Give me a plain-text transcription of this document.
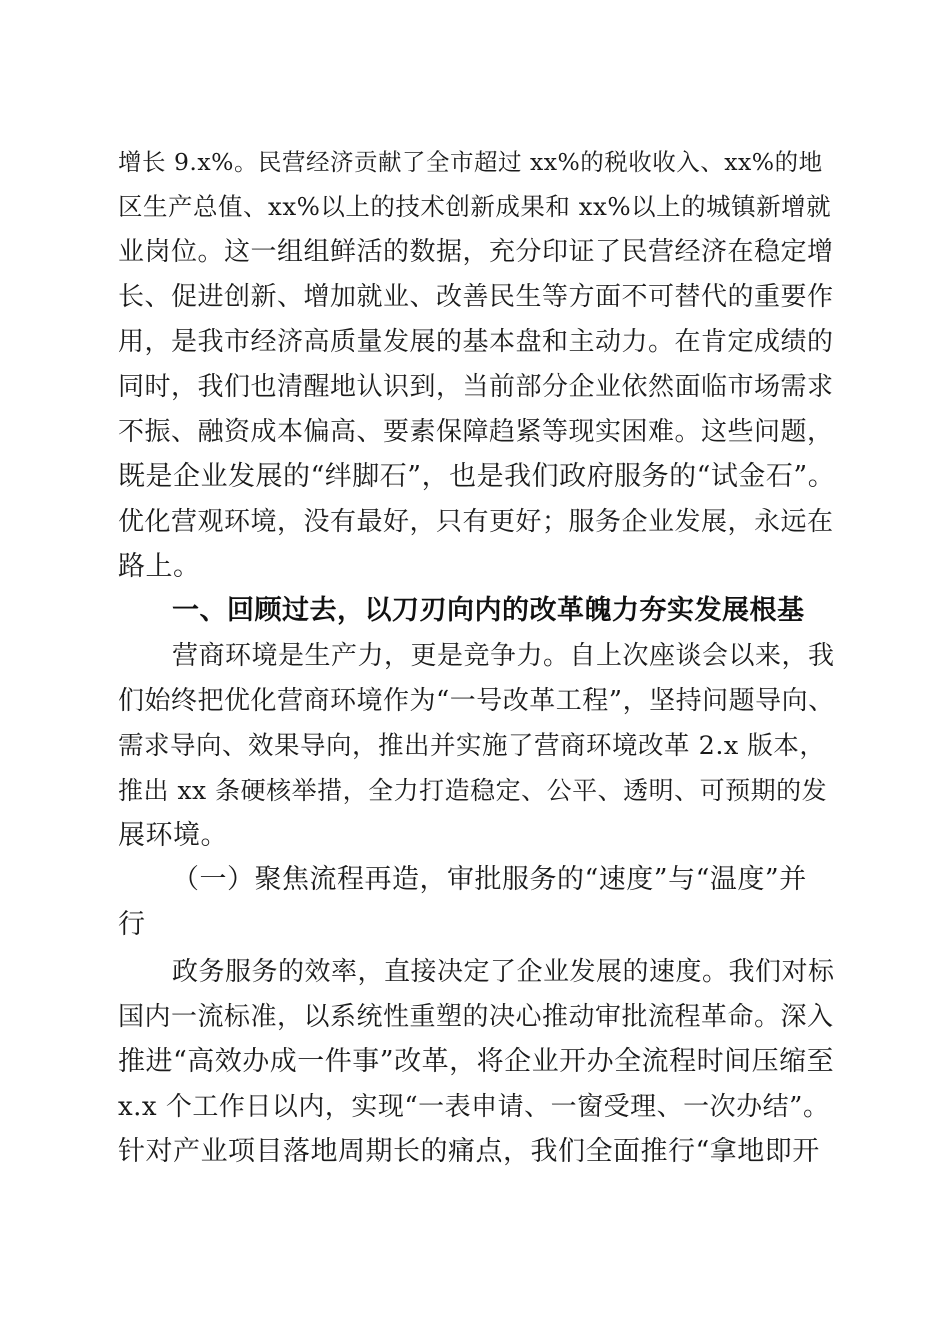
增长 9.x%。民营经济贡献了全市超过 xx%的税收收入、xx%的地
区生产总值、xx%以上的技术创新成果和 xx%以上的城镇新增就
业岗位。这一组组鲜活的数据，充分印证了民营经济在稳定增
长、促进创新、增加就业、改善民生等方面不可替代的重要作
用，是我市经济高质量发展的基本盘和主动力。在肯定成绩的
同时，我们也清醒地认识到，当前部分企业依然面临市场需求
不振、融资成本偏高、要素保障趋紧等现实困难。这些问题，
既是企业发展的“绊脚石”，也是我们政府服务的“试金石”。
优化营观环境，没有最好，只有更好；服务企业发展，永远在
路上。
一、回顾过去，以刀刃向内的改革魄力夯实发展根基
营商环境是生产力，更是竞争力。自上次座谈会以来，我
们始终把优化营商环境作为“一号改革工程”，坚持问题导向、
需求导向、效果导向，推出并实施了营商环境改革 2.x 版本，
推出 xx 条硬核举措，全力打造稳定、公平、透明、可预期的发
展环境。
（一）聚焦流程再造，审批服务的“速度”与“温度”并
行
政务服务的效率，直接决定了企业发展的速度。我们对标
国内一流标准，以系统性重塑的决心推动审批流程革命。深入
推进“高效办成一件事”改革，将企业开办全流程时间压缩至
x.x 个工作日以内，实现“一表申请、一窗受理、一次办结”。
针对产业项目落地周期长的痛点，我们全面推行“拿地即开
